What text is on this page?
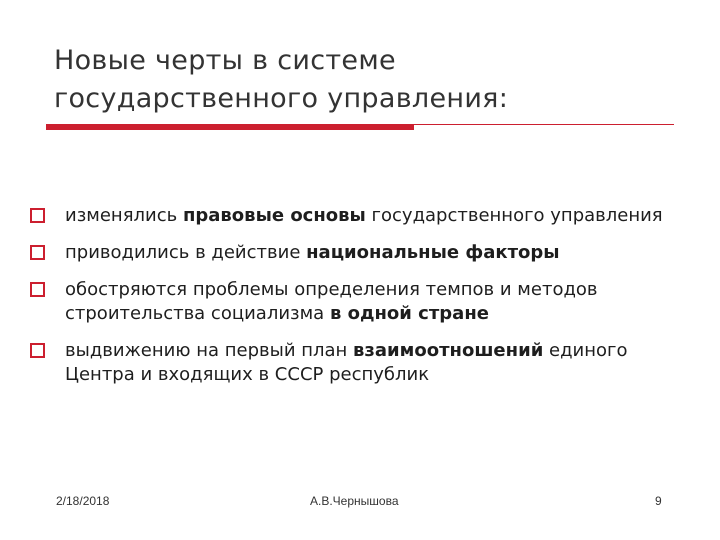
Новые черты в системе
государственного управления:
изменялись правовые основы государственного управления
приводились в действие национальные факторы
обостряются проблемы определения темпов и методов строительства социализма в одной стране
выдвижению на первый план взаимоотношений единого Центра и входящих в СССР республик
2/18/2018	А.В.Чернышова	9
